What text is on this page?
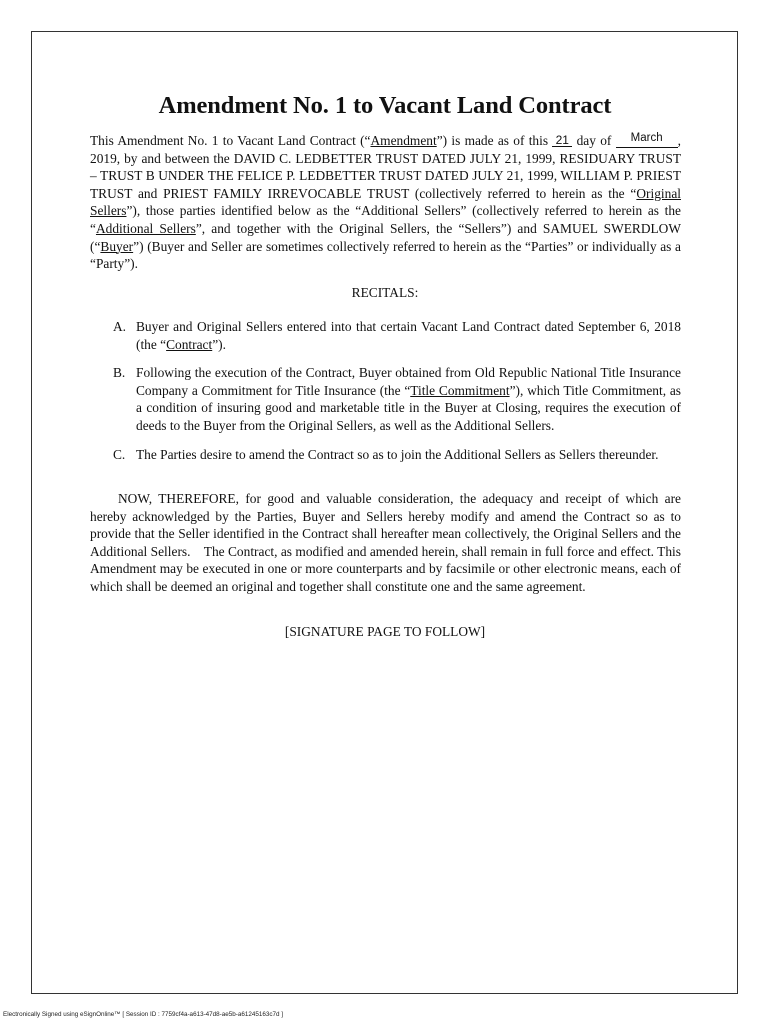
Amendment No. 1 to Vacant Land Contract
This Amendment No. 1 to Vacant Land Contract (“Amendment”) is made as of this 21 day of March , 2019, by and between the DAVID C. LEDBETTER TRUST DATED JULY 21, 1999, RESIDUARY TRUST – TRUST B UNDER THE FELICE P. LEDBETTER TRUST DATED JULY 21, 1999, WILLIAM P. PRIEST TRUST and PRIEST FAMILY IRREVOCABLE TRUST (collectively referred to herein as the “Original Sellers”), those parties identified below as the “Additional Sellers” (collectively referred to herein as the “Additional Sellers”, and together with the Original Sellers, the “Sellers”) and SAMUEL SWERDLOW (“Buyer”) (Buyer and Seller are sometimes collectively referred to herein as the “Parties” or individually as a “Party”).
RECITALS:
A. Buyer and Original Sellers entered into that certain Vacant Land Contract dated September 6, 2018 (the “Contract”).
B. Following the execution of the Contract, Buyer obtained from Old Republic National Title Insurance Company a Commitment for Title Insurance (the “Title Commitment”), which Title Commitment, as a condition of insuring good and marketable title in the Buyer at Closing, requires the execution of deeds to the Buyer from the Original Sellers, as well as the Additional Sellers.
C. The Parties desire to amend the Contract so as to join the Additional Sellers as Sellers thereunder.
NOW, THEREFORE, for good and valuable consideration, the adequacy and receipt of which are hereby acknowledged by the Parties, Buyer and Sellers hereby modify and amend the Contract so as to provide that the Seller identified in the Contract shall hereafter mean collectively, the Original Sellers and the Additional Sellers.    The Contract, as modified and amended herein, shall remain in full force and effect. This Amendment may be executed in one or more counterparts and by facsimile or other electronic means, each of which shall be deemed an original and together shall constitute one and the same agreement.
[SIGNATURE PAGE TO FOLLOW]
Electronically Signed using eSignOnline™ [ Session ID : 7759cf4a-a613-47d8-ae5b-a61245163c7d ]
